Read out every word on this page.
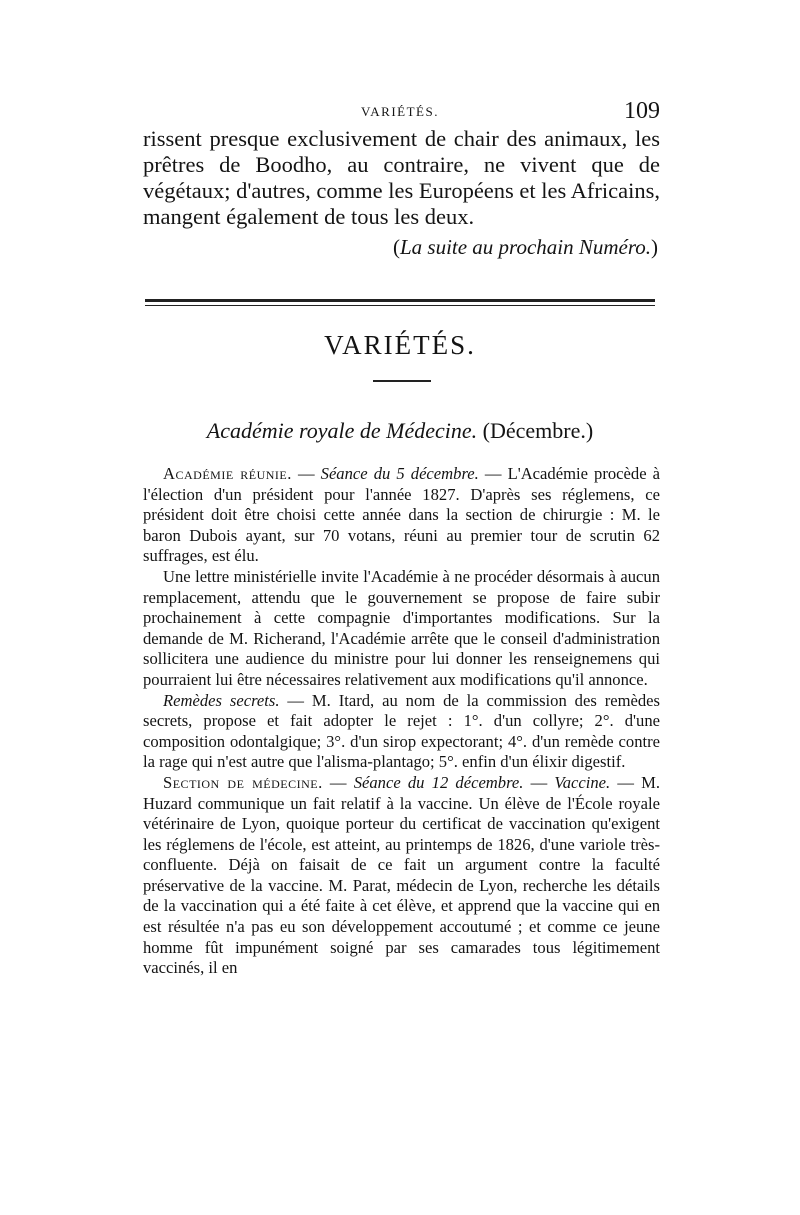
VARIÉTÉS.	109

rissent presque exclusivement de chair des animaux, les prêtres de Boodho, au contraire, ne vivent que de végétaux; d'autres, comme les Européens et les Africains, mangent également de tous les deux.

(La suite au prochain Numéro.)
VARIÉTÉS.
Académie royale de Médecine. (Décembre.)

Académie réunie. — Séance du 5 décembre. — L'Académie procède à l'élection d'un président pour l'année 1827. D'après ses réglemens, ce président doit être choisi cette année dans la section de chirurgie : M. le baron Dubois ayant, sur 70 votans, réuni au premier tour de scrutin 62 suffrages, est élu.

Une lettre ministérielle invite l'Académie à ne procéder désormais à aucun remplacement, attendu que le gouvernement se propose de faire subir prochainement à cette compagnie d'importantes modifications. Sur la demande de M. Richerand, l'Académie arrête que le conseil d'administration sollicitera une audience du ministre pour lui donner les renseignemens qui pourraient lui être nécessaires relativement aux modifications qu'il annonce.

Remèdes secrets. — M. Itard, au nom de la commission des remèdes secrets, propose et fait adopter le rejet : 1°. d'un collyre; 2°. d'une composition odontalgique; 3°. d'un sirop expectorant; 4°. d'un remède contre la rage qui n'est autre que l'alisma-plantago; 5°. enfin d'un élixir digestif.

Section de médecine. — Séance du 12 décembre. — Vaccine. — M. Huzard communique un fait relatif à la vaccine. Un élève de l'École royale vétérinaire de Lyon, quoique porteur du certificat de vaccination qu'exigent les réglemens de l'école, est atteint, au printemps de 1826, d'une variole très-confluente. Déjà on faisait de ce fait un argument contre la faculté préservative de la vaccine. M. Parat, médecin de Lyon, recherche les détails de la vaccination qui a été faite à cet élève, et apprend que la vaccine qui en est résultée n'a pas eu son développement accoutumé ; et comme ce jeune homme fût impunément soigné par ses camarades tous légitimement vaccinés, il en
